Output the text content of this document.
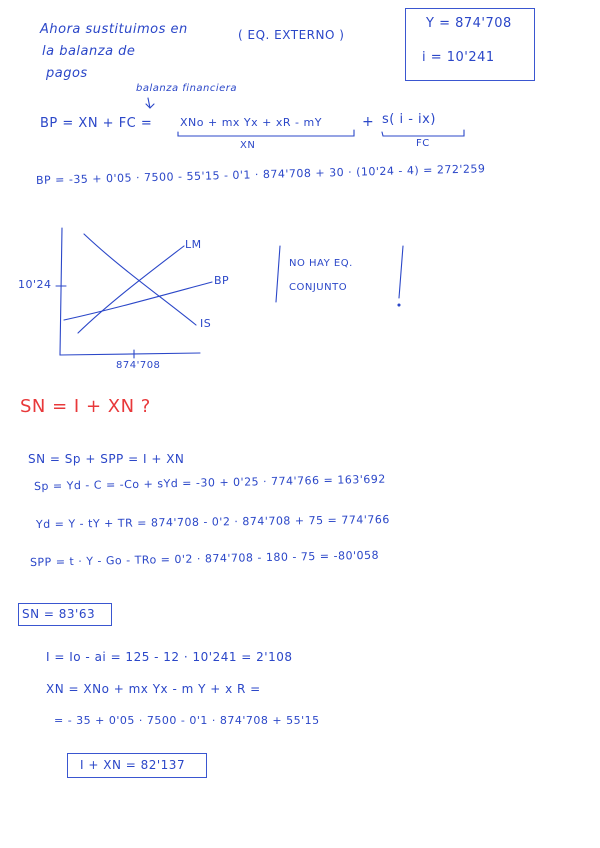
Ahora sustituimos en
la balanza de
pagos
( EQ. EXTERNO )
Y = 874'708
i = 10'241
balanza financiera
BP = XN + FC =	XNo + mx Yx + xR - mY	+ s( i - ix)
XN	FC
BP = -35 + 0'05 · 7500 - 55'15 - 0'1 · 874'708 + 30 · (10'24 - 4) = 272'259
10'24
874'708
LM
BP
IS
NO HAY EQ.
CONJUNTO
SN = I + XN ?
SN = Sp + SPP = I + XN
Sp = Yd - C = -Co + sYd = -30 + 0'25 · 774'766 = 163'692
Yd = Y - tY + TR = 874'708 - 0'2 · 874'708 + 75 = 774'766
SPP = t · Y - Go - TRo = 0'2 · 874'708 - 180 - 75 = -80'058
SN = 83'63
I = Io - ai = 125 - 12 · 10'241 = 2'108
XN = XNo + mx Yx - m Y + x R =
= - 35 + 0'05 · 7500 - 0'1 · 874'708 + 55'15
I + XN = 82'137
